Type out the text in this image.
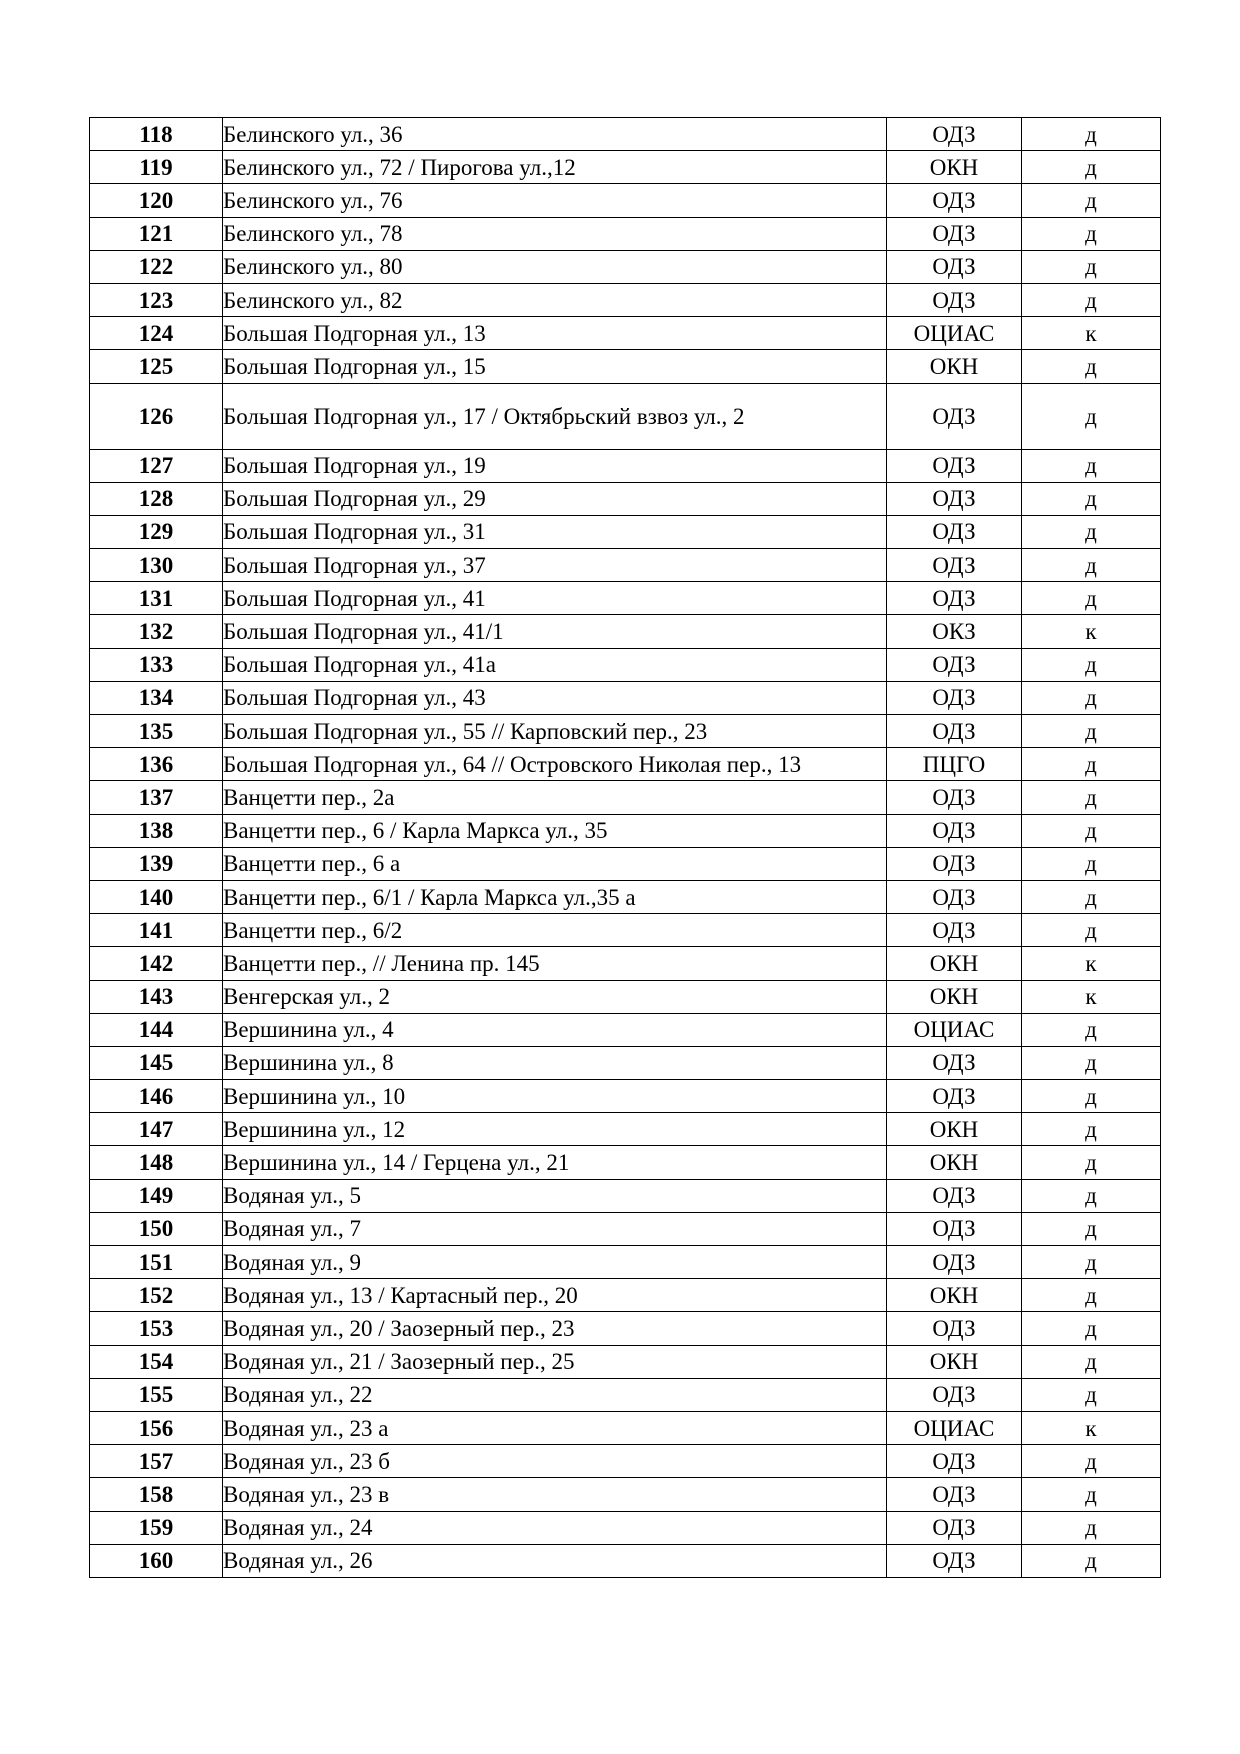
118	Белинского ул., 36	ОДЗ	д
119	Белинского ул., 72 / Пирогова ул.,12	ОКН	д
120	Белинского ул., 76	ОДЗ	д
121	Белинского ул., 78	ОДЗ	д
122	Белинского ул., 80	ОДЗ	д
123	Белинского ул., 82	ОДЗ	д
124	Большая Подгорная ул., 13	ОЦИАС	к
125	Большая Подгорная ул., 15	ОКН	д
126	Большая Подгорная ул., 17 / Октябрьский взвоз ул., 2	ОДЗ	д
127	Большая Подгорная ул., 19	ОДЗ	д
128	Большая Подгорная ул., 29	ОДЗ	д
129	Большая Подгорная ул., 31	ОДЗ	д
130	Большая Подгорная ул., 37	ОДЗ	д
131	Большая Подгорная ул., 41	ОДЗ	д
132	Большая Подгорная ул., 41/1	ОКЗ	к
133	Большая Подгорная ул., 41а	ОДЗ	д
134	Большая Подгорная ул., 43	ОДЗ	д
135	Большая Подгорная ул., 55 // Карповский пер., 23	ОДЗ	д
136	Большая Подгорная ул., 64 // Островского Николая пер., 13	ПЦГО	д
137	Ванцетти пер., 2а	ОДЗ	д
138	Ванцетти пер., 6 / Карла Маркса ул., 35	ОДЗ	д
139	Ванцетти пер., 6 а	ОДЗ	д
140	Ванцетти пер., 6/1 / Карла Маркса ул.,35 а	ОДЗ	д
141	Ванцетти пер., 6/2	ОДЗ	д
142	Ванцетти пер., // Ленина пр. 145	ОКН	к
143	Венгерская ул., 2	ОКН	к
144	Вершинина ул., 4	ОЦИАС	д
145	Вершинина ул., 8	ОДЗ	д
146	Вершинина ул., 10	ОДЗ	д
147	Вершинина ул., 12	ОКН	д
148	Вершинина ул., 14 / Герцена ул., 21	ОКН	д
149	Водяная ул., 5	ОДЗ	д
150	Водяная ул., 7	ОДЗ	д
151	Водяная ул., 9	ОДЗ	д
152	Водяная ул., 13 / Картасный пер., 20	ОКН	д
153	Водяная ул., 20 / Заозерный пер., 23	ОДЗ	д
154	Водяная ул., 21 / Заозерный пер., 25	ОКН	д
155	Водяная ул., 22	ОДЗ	д
156	Водяная ул., 23 а	ОЦИАС	к
157	Водяная ул., 23 б	ОДЗ	д
158	Водяная ул., 23 в	ОДЗ	д
159	Водяная ул., 24	ОДЗ	д
160	Водяная ул., 26	ОДЗ	д
